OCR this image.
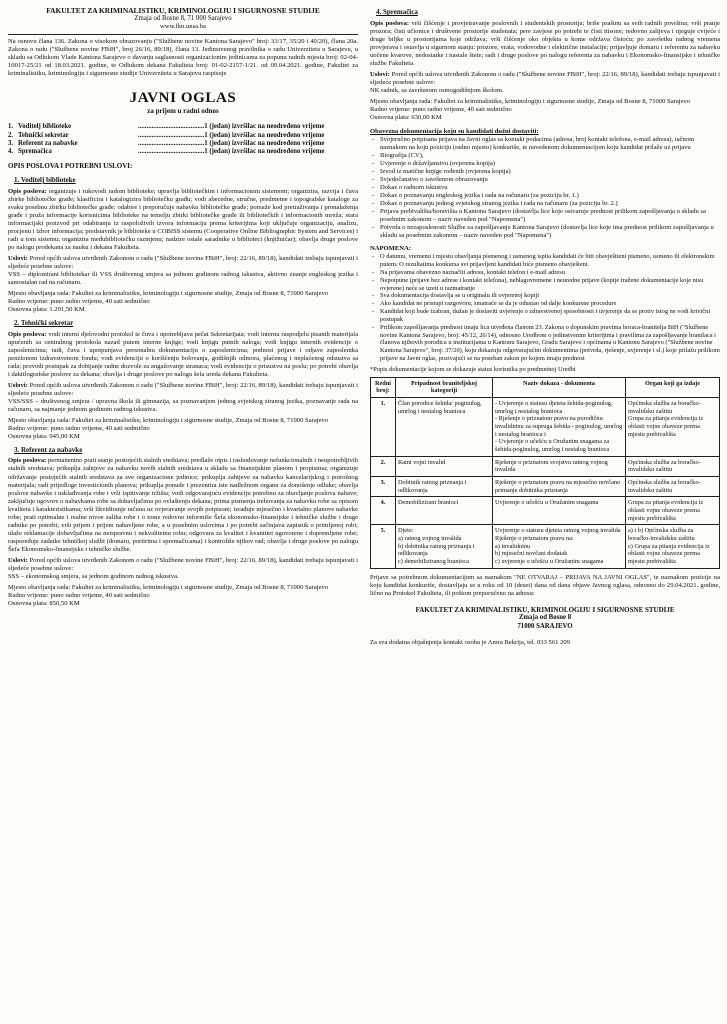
FAKULTET ZA KRIMINALISTIKU, KRIMINOLOGIJU I SIGURNOSNE STUDIJE
Zmaja od Bosne 8, 71 000 Sarajevo
www.fkn.unsa.ba

Na osnovu člana 136. Zakona o visokom obrazovanju ("Službene novine Kantona Sarajevo" broj: 33/17, 35/20 i 40/20), člana 20a. Zakona o radu ("Službene novine FBiH", broj 26/16, 89/18), člana 13. Jedinstvenog pravilnika o radu Univerziteta u Sarajevu, u skladu sa Odlukom Vlade Kantona Sarajevo o davanju saglasnosti organizacionim jedinicama za popunu radnih mjesta broj: 02-04-10017-25/21 od 18.03.2021. godine, te Odlukom dekana Fakulteta broj: 01-02-2157-1/21. od 09.04.2021. godine, Fakultet za kriminalistiku, kriminologiju i sigurnosne studije Univerziteta u Sarajevu raspisuje

JAVNI OGLAS
za prijem u radni odnos
1. Voditelj biblioteke	.......................................1 (jedan) izvršilac na neodređeno vrijeme
2. Tehnički sekretar	.......................................1 (jedan) izvršilac na neodređeno vrijeme
3. Referent za nabavke	.......................................1 (jedan) izvršilac na neodređeno vrijeme
4. Spremačica	.......................................1 (jedan) izvršilac na neodređeno vrijeme
OPIS POSLOVA I POTREBNI USLOVI:
1. Voditelj biblioteke

Opis poslova: organizuje i rukovodi radom biblioteke; upravlja bibliotečkim i informacionim sistemom; organizira, razvija i čuva zbirke bibliotečke građe; klasificira i katalogizira bibliotečku građu; vodi abecedne, stručne, predmetne i topografske kataloge za svaku posebnu zbirku bibliotečke građe; odabire i preporučuje nabavku bibliotečke građe; pomaže kod pretraživanja i pronalaženja građe i pruža informacije korisnicima biblioteke na temelju zbirki bibliotečke građe ili bibliotečkih i informacionih mreža; stara informacijski proizvod pri odabiranju iz raspoloživih izvora informacija prema kriterijima koji uključuje organizaciju, analizu, procjenu i izbor informacija; predstavnik je biblioteke u COBISS sistemu (Cooperative Online Bibliographic System and Services) i radi u tom sistemu; organizira međubibliotečku razmjenu; nadzire ostale saradnike u biblioteci (knjižničar); obavlja druge poslove po nalogu prodekana za nauku i dekana Fakulteta.

Uslovi: Pored općih uslova utvrđenih Zakonom o radu ("Službene novine FBiH", broj: 22/16, 89/18), kandidati trebaju ispunjavati i sljedeće posebne uslove:

VSS – diplomirani bibliotekar ili VSS društvenog smjera sa jednom godinom radnog iskustva, aktivno znanje engleskog jezika i samostalan rad na računaru.

Mjesto obavljanja rada: Fakultet za kriminalistiku, kriminologiju i sigurnosne studije, Zmaja od Bosne 8, 71000 Sarajevo

Radno vrijeme: puno radno vrijeme, 40 sati sedmično

Osnovna plata: 1.291,50 KM

2. Tehnički sekretar

Opis poslova: vodi interni djelovodni protokol te čuva i upotrebljava pečat Sekretarijata; vodi internu raspodjelu pisanih materijala upućenih sa centralnog protokola nazad putem interne knjige; vodi knjigu putnih naloga; vodi knjigu internih evidencije o zaposlenicima; radi, čuva i upotpunjava personalnu dokumentaciju o zaposlenicima; podnosi prijave i odjave zaposlenika penzionom izdravstvenom fondu; vodi evidenciju o korišćenju bolovanja, godišnjih odmora, plaćenog i neplaćenog odsustva sa rada; provodi postupak za dobijanje radne dozvole za angažovanje stranaca; vodi evidenciju o prisustvu na poslu; po potrebi obavlja i daktilografske poslove za dekana; obavlja i druge poslove po nalogu šefa ureda dekana Fakulteta.

Uslovi: Pored općih uslova utvrđenih Zakonom o radu ("Službene novine FBiH", broj: 22/16, 89/18), kandidati trebaju ispunjavati i sljedeće posebne uslove:

VSS/SSS – društvenog smjera / upravna škola ili gimnazija, sa poznavanjem jednog svjetskog stranog jezika, poznavanje rada na računaru, sa najmanje jednom godinom radnog iskustva.

Mjesto obavljanja rada: Fakultet za kriminalistiku, kriminologiju i sigurnosne studije, Zmaja od Bosne 8, 71000 Sarajevo

Radno vrijeme: puno radno vrijeme, 40 sati sedmično

Osnovna plata: 945,00 KM

3. Referent za nabavke

Opis poslova: permanentno prati stanje postojećih stalnih sredstava; predlaže otpis i rashodovanje nefunkcionalnih i neupotrebljivih stalnih sredstava; prikuplja zahtjeve za nabavku novih stalnih sredstava u skladu sa finansijskim planom i propisima; organizuje održavanje postojećih stalnih sredstava za sve organizacione jedinice; prikuplja zahtjeve za nabavku kancelarijskog i potrošnog materijala; radi prijedloge investicionih planova; prikuplja ponude i prezentira iste nadležnom organu za donošenje odluke; obavlja poslove nabavke i usklađivanja robe i vrši ispitivanje tržišta; vodi odgovarajuću evidenciju potrebnu za obavljanje poslova nabave; zaključuje ugovore o nabavkama robe sa dobavljačima po ovlaštenju dekana; prima pismenja trebovanja za nabavku robe sa opisom kvaliteta i karakteristikama; vrši likvidiranje računa uz ovjeravanje svojih potpisom; izrađuje mjesečno i kvartalno planove nabavke robe; prati optimalne i realne nivoe zaliha robe i o tome redovno informiše Šefa ekonomsko-finansijske i tehničke službe i druge radnike po potrebi; vrši prijem i prijem nabavljene robe, a u posebnim uslovima i po potrebi sačinjava zapisnik o primljenoj robi; ulaže reklamacije dobavljačima na neispravnu i nekvalitetnu robu; odgovara za kvalitet i kvantitet ugovorene i dopremljene robe; raspoređuje zadatke tehničkoj službi (domaru, portirima i spremačicama) i kontroliše njihov rad; obavlja i druge poslove po nalogu Šefa Ekonomsko-finansijske i tehničke službe.

Uslovi: Pored općih uslova utvrđenih Zakonom o radu ("Službene novine FBiH", broj: 22/16, 89/18), kandidati trebaju ispunjavati i sljedeće posebne uslove:

SSS – ekonomskog smjera, sa jednom godinom radnog iskustva.

Mjesto obavljanja rada: Fakultet za kriminalistiku, kriminologiju i sigurnosne studije, Zmaja od Bosne 8, 71000 Sarajevo

Radno vrijeme: puno radno vrijeme, 40 sati sedmično

Osnovna plata: 850,50 KM

4. Spremačica

Opis poslova: vrši čišćenje i provjetravanje poslovnih i studentskih prostorija; briše prašinu sa svih radnih površina; vrši pranje prozora; čisti učionice i društvene prostorije studenata; pere zavjese po potrebi te čisti itisone; redovno zalijeva i njeguje cvijeće i druge biljke u prostorijama koje održava; vrši čišćenje oko objekta u kome održava čistoću; po završetku radnog vremena provjerava i ostavlja u sigurnom stanju: prozore, vrata, vodovodne i električne instalacije; prijavljuje domaru i referentu za nabavku uočene kvarove, nedostatke i nastale štete; radi i druge poslove po nalogu referenta za nabavku i Ekonomsko-finansijske i tehničke službe Fakulteta.

Uslovi: Pored općih uslova utvrđenih Zakonom o radu ("Službene novine FBiH", broj: 22/16, 89/18), kandidati trebaju ispunjavati i sljedeće posebne uslove:

NK radnik, sa završenom osmogodišnjom školom.

Mjesto obavljanja rada: Fakultet za kriminalistiku, kriminologiju i sigurnosne studije, Zmaja od Bosne 8, 71000 Sarajevo

Radno vrijeme: puno radno vrijeme, 40 sati sedmično

Osnovna plata: 630,00 KM

Obavezna dokumentacija koju su kandidati dužni dostaviti:
- Svojeručno potpisana prijava na Javni oglas sa kontakt podacima (adresa, broj kontakt telefona, e-mail adresa), tačnom naznakom na koju poziciju (radno mjesto) konkuriše, te navedenom dokumentacijom koju kandidat prilaže uz prijavu
- Biografija (CV),
- Uvjerenje o državljanstvu (ovjerena kopija)
- Izvod iz matične knjige rođenih (ovjerena kopija)
- Svjedočanstvo o završenom obrazovanju
- Dokaz o radnom iskustvu
- Dokaz o poznavanju engleskog jezika i rada na računaru (za poziciju br. 1.)
- Dokaz o poznavanju jednog svjetskog stranog jezika i rada na računaru (za poziciju br. 2.)
- Prijava prebivališta/boravišta u Kantonu Sarajevo (dostavlja lice koje ostvaruje prednost prilikom zapošljavanja u skladu sa posebnim zakonom – naziv naveden pod "Napomena")
- Potvrda o nezaposlenosti Službe za zapošljavanje Kantona Sarajevo (dostavlja lice koje ima prednost prilikom zapošljavanja u skladu sa posebnim zakonom – naziv naveden pod "Napomena")
NAPOMENA:
- O datumu, vremenu i mjestu obavljanja pismenog i usmenog ispita kandidati će biti obavještteni pismeno, usmeno ili elektronskim putem. O rezultatima konkursa svi prijavljeni kandidati biće pismeno obavješteni.
- Na prijavama obavezno naznačiti adresu, kontakt telefon i e-mail adresu
- Nepotpune (prijave bez adrese i kontakt telefona), neblagovremene i neuredne prijave (kopije tražene dokumentacije koje nisu ovjerene) neće se uzeti u razmatranje
- Sva dokumentacija dostavlja se u originalu ili ovjerenoj kopiji
- Ako kandidat ne pristupi razgovoru, smatraće se da je odustao od dalje konkursne procedure
- Kandidat koji bude izabran, dužan je dostaviti uvjerenje o zdravstvenoj sposobnosti i uvjerenje da se protiv istog ne vodi krivični postupak
- Prilikom zapošljavanja prednost imaju lica utvrđena članom 23. Zakona o dopunskim pravima boraca-branitelja BiH ("Službene novine Kantona Sarajevo, broj: 45/12, 26/14), odnosno Uredbom o jedinstvenim kriterijima i pravilima za zapošljavanje branilaca i članova njihovih porodica u institucijama u Kantonu Sarajevo, Gradu Sarajevo i općinama u Kantonu Sarajevo ("Službene novine Kantona Sarajevo", broj: 37/20), koju dokazuju odgovarajućim dokumentima (potvrda, rješenje, uvjerenje i sl.) koje prilažu prilikom prijave na Javni oglas, pozivajući se na poseban zakon po kojem imaju prednost

*Popis dokumentacije kojom se dokazuje status korisnika po predmetnoj Uredbi

Redni broj:	Pripadnost braniteljskoj kategoriji	Naziv dokaza - dokumenta	Organ koji ga izdaje
1.	Član porodice šehida/ poginulog, umrlog i nestalog branioca	- Uvjerenje o statusu djeteta šehida-poginulog, umrlog i nestalog branioca
- Rješenje o priznatom pravu na porodičnu invalidninu za supruga šehida - poginulog, umrlog i nestalog branioca i
- Uvjerenje o učešću u Oružanim snagama za šehida-poginulog, umrlog i nestalog branioca	Općinska služba za boračko-invalidsku zaštitu
Grupa za pitanja evidencija iz oblasti vojne obaveze prema mjestu prebivališta
2.	Ratni vojni invalid	Rješenje o priznatom svojstvu ratnog vojnog invalida	Općinska služba za boračko-invalidsku zaštitu
3.	Dobitnik ratnog priznanja i odlikovanja	Rješenje o priznatom pravu na mjesečno novčano primanje dobitnika priznanja	Općinska služba za boračko-invalidsku zaštitu
4.	Demobilizirani branioci	Uvjerenje o učešću u Oružanim snagama	Grupa za pitanja evidencija iz oblasti vojne obaveze prema mjestu prebivališta
5.	Djete:
a) ratnog vojnog invalida
b) dobitnika ratnog priznanja i odlikovanja
c) demobiliziranog branioca	Uvjerenje o statusu djeteta ratnog vojnog invalida
Rješenje o priznatom pravu na:
a) invalidninu
b) mjesečni novčani dodatak
c) uvjerenje o učešću u Oružanim snagama	a) i b) Općinska služba za boračko-invalidsku zaštitu
c) Grupa za pitanja evidencija iz oblasti vojne obaveze prema mjestu prebivališta

Prijave sa potrebnom dokumentacijom sa naznakom "NE OTVARAJ – PRIJAVA NA JAVNI OGLAS", te naznakom pozicije na koju kandidat konkuriše, dostavljaju se u roku od 10 (deset) dana od dana objave Javnog oglasa, odnosno do 29.04.2021. godine, lično na Protokol Fakulteta, ili poštom preporučeno na adresu:

FAKULTET ZA KRIMINALISTIKU, KRIMINOLOGIJU I SIGURNOSNE STUDIJE
Zmaja od Bosne 8
71000 SARAJEVO

Za sva dodatna objašnjenja kontakt osoba je Amra Bekrija, tel. 033 561 209
